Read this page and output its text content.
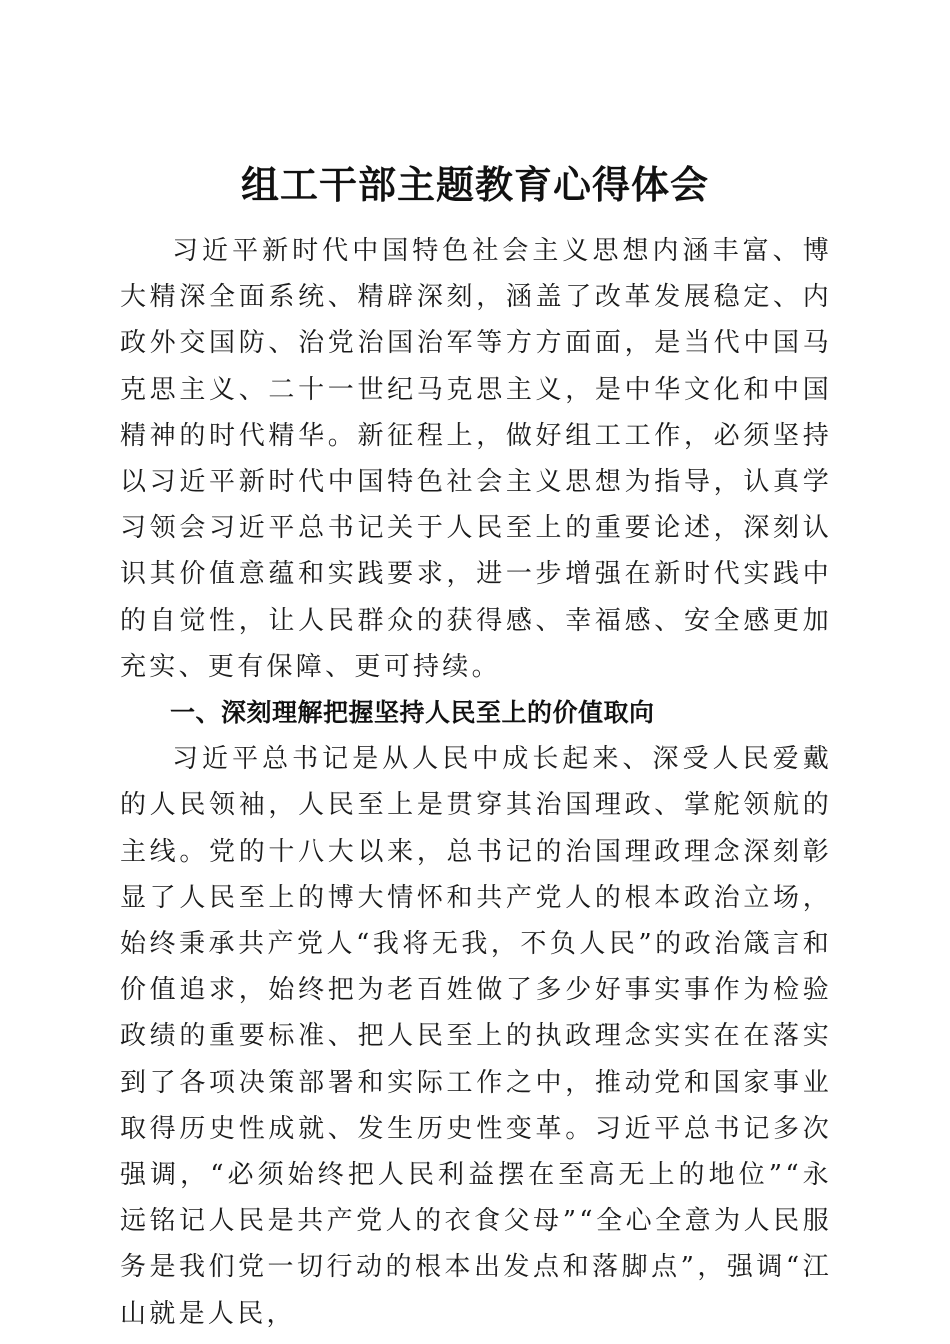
组工干部主题教育心得体会

习近平新时代中国特色社会主义思想内涵丰富、博大精深全面系统、精辟深刻，涵盖了改革发展稳定、内政外交国防、治党治国治军等方方面面，是当代中国马克思主义、二十一世纪马克思主义，是中华文化和中国精神的时代精华。新征程上，做好组工工作，必须坚持以习近平新时代中国特色社会主义思想为指导，认真学习领会习近平总书记关于人民至上的重要论述，深刻认识其价值意蕴和实践要求，进一步增强在新时代实践中的自觉性，让人民群众的获得感、幸福感、安全感更加充实、更有保障、更可持续。

一、深刻理解把握坚持人民至上的价值取向

习近平总书记是从人民中成长起来、深受人民爱戴的人民领袖，人民至上是贯穿其治国理政、掌舵领航的主线。党的十八大以来，总书记的治国理政理念深刻彰显了人民至上的博大情怀和共产党人的根本政治立场，始终秉承共产党人“我将无我，不负人民”的政治箴言和价值追求，始终把为老百姓做了多少好事实事作为检验政绩的重要标准、把人民至上的执政理念实实在在落实到了各项决策部署和实际工作之中，推动党和国家事业取得历史性成就、发生历史性变革。习近平总书记多次强调，“必须始终把人民利益摆在至高无上的地位”“永远铭记人民是共产党人的衣食父母”“全心全意为人民服务是我们党一切行动的根本出发点和落脚点”，强调“江山就是人民，
